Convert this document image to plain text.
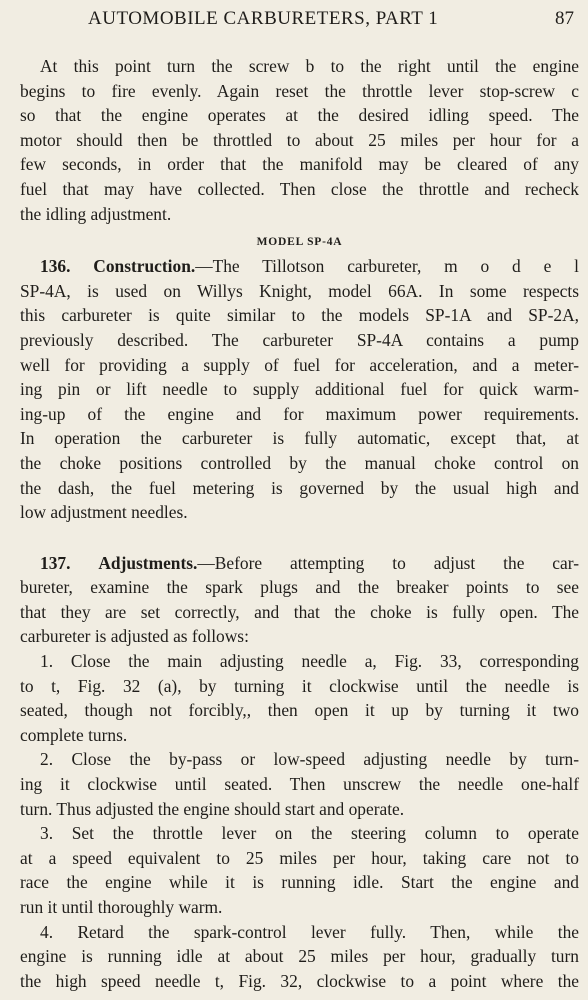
AUTOMOBILE CARBURETERS, PART 1	87

At this point turn the screw b to the right until the engine

begins to fire evenly. Again reset the throttle lever stop-screw c

so that the engine operates at the desired idling speed. The

motor should then be throttled to about 25 miles per hour for a

few seconds, in order that the manifold may be cleared of any

fuel that may have collected. Then close the throttle and recheck

the idling adjustment.

MODEL SP-4A

136. Construction.—The Tillotson carbureter, m o d e l

SP-4A, is used on Willys Knight, model 66A. In some respects

this carbureter is quite similar to the models SP-1A and SP-2A,

previously described. The carbureter SP-4A contains a pump

well for providing a supply of fuel for acceleration, and a meter-

ing pin or lift needle to supply additional fuel for quick warm-

ing-up of the engine and for maximum power requirements.

In operation the carbureter is fully automatic, except that, at

the choke positions controlled by the manual choke control on

the dash, the fuel metering is governed by the usual high and

low adjustment needles.

137. Adjustments.—Before attempting to adjust the car-

bureter, examine the spark plugs and the breaker points to see

that they are set correctly, and that the choke is fully open. The

carbureter is adjusted as follows:

1. Close the main adjusting needle a, Fig. 33, corresponding

to t, Fig. 32 (a), by turning it clockwise until the needle is

seated, though not forcibly,, then open it up by turning it two

complete turns.

2. Close the by-pass or low-speed adjusting needle by turn-

ing it clockwise until seated. Then unscrew the needle one-half

turn. Thus adjusted the engine should start and operate.

3. Set the throttle lever on the steering column to operate

at a speed equivalent to 25 miles per hour, taking care not to

race the engine while it is running idle. Start the engine and

run it until thoroughly warm.

4. Retard the spark-control lever fully. Then, while the

engine is running idle at about 25 miles per hour, gradually turn

the high speed needle t, Fig. 32, clockwise to a point where the
